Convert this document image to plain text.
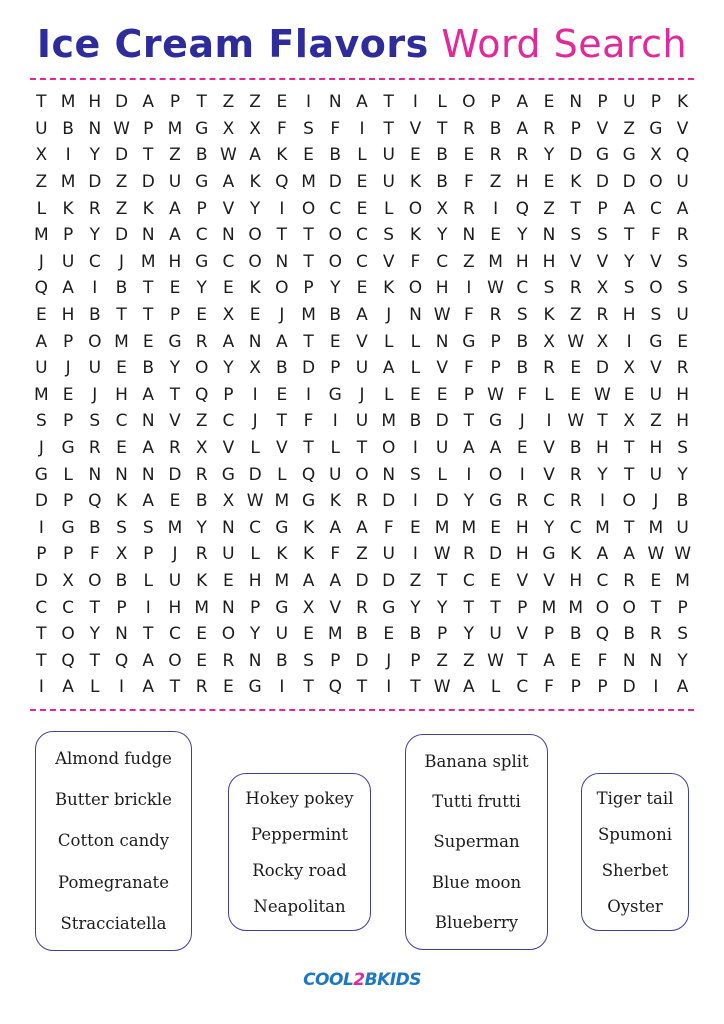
Ice Cream Flavors Word Search
T M H D A P T Z Z E	I	N A T	I	L O P A E N P U P K
U B N W P M G X X F S F	I	T V T R B A R P V Z G V
X	I	Y D T Z B W A K E B L U E B E R R Y D G G X Q
Z M D Z D U G A K Q M D E U K B F Z H E K D D O U
L K R Z K A P V Y	I	O C E L O X R	I	Q Z T P A C A
M P Y D N A C N O T T O C S K Y N E Y N S S T F R
J	U C	J M H G C O N T O C V F C Z M H H V V Y V S
Q A	I	B T E Y E K O P Y E K O H	I W C S R X S O S
E H B T T P E X E	J M B A	J	N W F R S K Z R H S U
A P O M E G R A N A T E V L	L N G P B X W X	I	G E
U	J	U E B Y O Y X B D P U A L V F P B R E D X V R
M E	J	H A T Q P	I	E	I	G	J	L E E P W F	L E W E U H
S P S C N V Z C	J	T F	I	U M B D T G	J	I W T X Z H
J	G R E A R X V L V T L T O	I	U A A E V B H T H S
G L N N N D R G D L Q U O N S L	I	O	I	V R Y T U Y
D P Q K A E B X W M G K R D	I	D Y G R C R	I	O	J	B
I	G B S S M Y N C G K A A F E M M E H Y C M T M U
P P F X P	J	R U L K K F Z U	I W R D H G K A A W W
D X O B L U K E H M A A D D Z T C E V V H C R E M
C C T P	I	H M N P G X V R G Y Y T T P M M O O T P
T O Y N T C E O Y U E M B E B P Y U V P B Q B R S
T Q T Q A O E R N B S P D	J	P Z Z W T A E F N N Y
I	A L	I	A T R E G	I	T Q T	I	T W A L C F P P D	I	A
Almond fudge
Butter brickle
Cotton candy
Pomegranate
Stracciatella
Hokey pokey
Peppermint
Rocky road
Neapolitan
Banana split
Tutti frutti
Superman
Blue moon
Blueberry
Tiger tail
Spumoni
Sherbet
Oyster
COOL2BKIDS
